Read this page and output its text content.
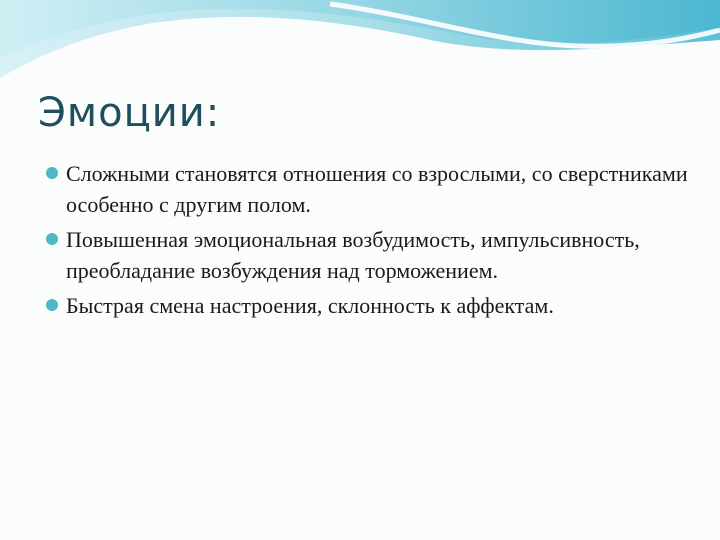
Эмоции:
Сложными становятся отношения со взрослыми, со сверстниками особенно с другим полом.
Повышенная эмоциональная возбудимость, импульсивность, преобладание возбуждения над торможением.
Быстрая смена настроения, склонность к аффектам.
